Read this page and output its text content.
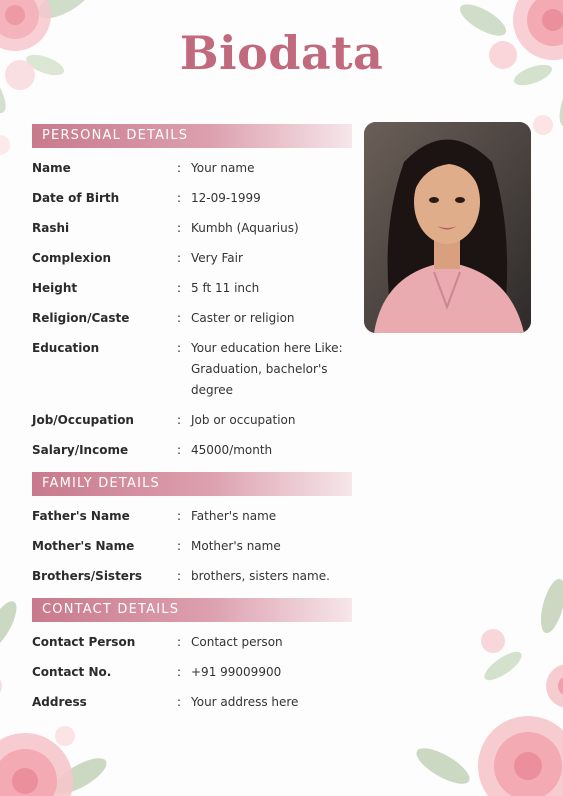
Biodata
PERSONAL DETAILS
Name	: Your name
Date of Birth	: 12-09-1999
Rashi	: Kumbh (Aquarius)
Complexion	: Very Fair
Height	: 5 ft 11 inch
Religion/Caste	: Caster or religion
Education	: Your education here Like: Graduation, bachelor's degree
Job/Occupation	: Job or occupation
Salary/Income	: 45000/month
FAMILY DETAILS
Father's Name	: Father's name
Mother's Name	: Mother's name
Brothers/Sisters	: brothers, sisters name.
CONTACT DETAILS
Contact Person	: Contact person
Contact No.	: +91 99009900
Address	: Your address here
